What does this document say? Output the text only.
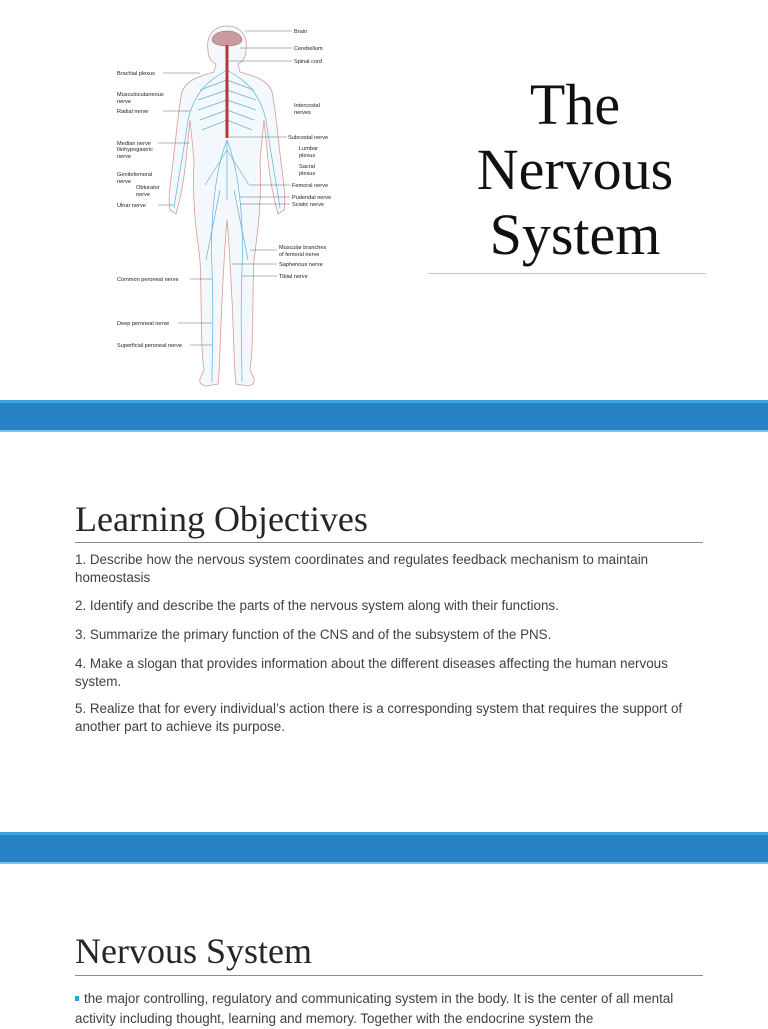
Brachial plexus
Musculocutaneous
nerve
Radial nerve
Median nerve
Iliohypogastric
nerve
Genitofemoral
nerve
Obturator
nerve
Ulnar nerve
Common peroneal nerve
Deep peroneal nerve
Superficial peroneal nerve
Brain
Cerebellum
Spinal cord
Intercostal
nerves
Subcostal nerve
Lumbar
plexus
Sacral
plexus
Femoral nerve
Pudendal nerve
Sciatic nerve
Muscular branches
of femoral nerve
Saphenous nerve
Tibial nerve
The
Nervous
System
Learning Objectives
1. Describe how the nervous system coordinates and regulates feedback mechanism to maintain homeostasis
2. Identify and describe the parts of the nervous system along with their functions.
3. Summarize the primary function of the CNS and of the subsystem of the PNS.
4. Make a slogan that provides information about the different diseases affecting the human nervous system.
5. Realize that for every individual’s action there is a corresponding system that requires the support of another part to achieve its purpose.
Nervous System
the major controlling, regulatory and communicating system in the body. It is the center of all mental activity including thought, learning and memory. Together with the endocrine system the
